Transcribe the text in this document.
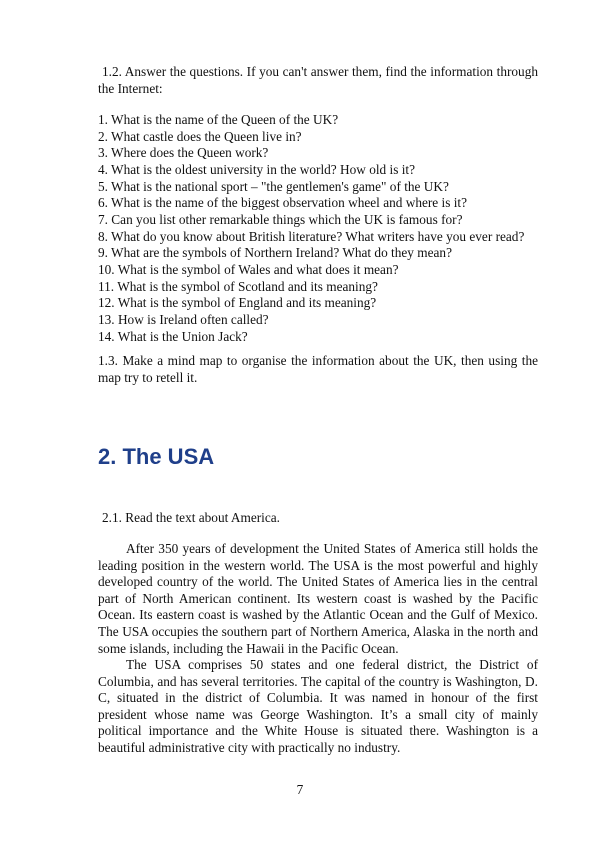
1.2. Answer the questions. If you can't answer them, find the information through the Internet:

1. What is the name of the Queen of the UK?
2. What castle does the Queen live in?
3. Where does the Queen work?
4. What is the oldest university in the world? How old is it?
5. What is the national sport – "the gentlemen's game" of the UK?
6. What is the name of the biggest observation wheel and where is it?
7. Can you list other remarkable things which the UK is famous for?
8. What do you know about British literature? What writers have you ever read?
9. What are the symbols of Northern Ireland? What do they mean?
10. What is the symbol of Wales and what does it mean?
11. What is the symbol of Scotland and its meaning?
12. What is the symbol of England and its meaning?
13. How is Ireland often called?
14. What is the Union Jack?

1.3. Make a mind map to organise the information about the UK, then using the map try to retell it.

2. The USA

2.1. Read the text about America.

After 350 years of development the United States of America still holds the leading position in the western world. The USA is the most powerful and highly developed country of the world. The United States of America lies in the central part of North American continent. Its western coast is washed by the Pacific Ocean. Its eastern coast is washed by the Atlantic Ocean and the Gulf of Mexico. The USA occupies the southern part of Northern America, Alaska in the north and some islands, including the Hawaii in the Pacific Ocean.

The USA comprises 50 states and one federal district, the District of Columbia, and has several territories. The capital of the country is Washington, D. C, situated in the district of Columbia. It was named in honour of the first president whose name was George Washington. It’s a small city of mainly political importance and the White House is situated there. Washington is a beautiful administrative city with practically no industry.

7
